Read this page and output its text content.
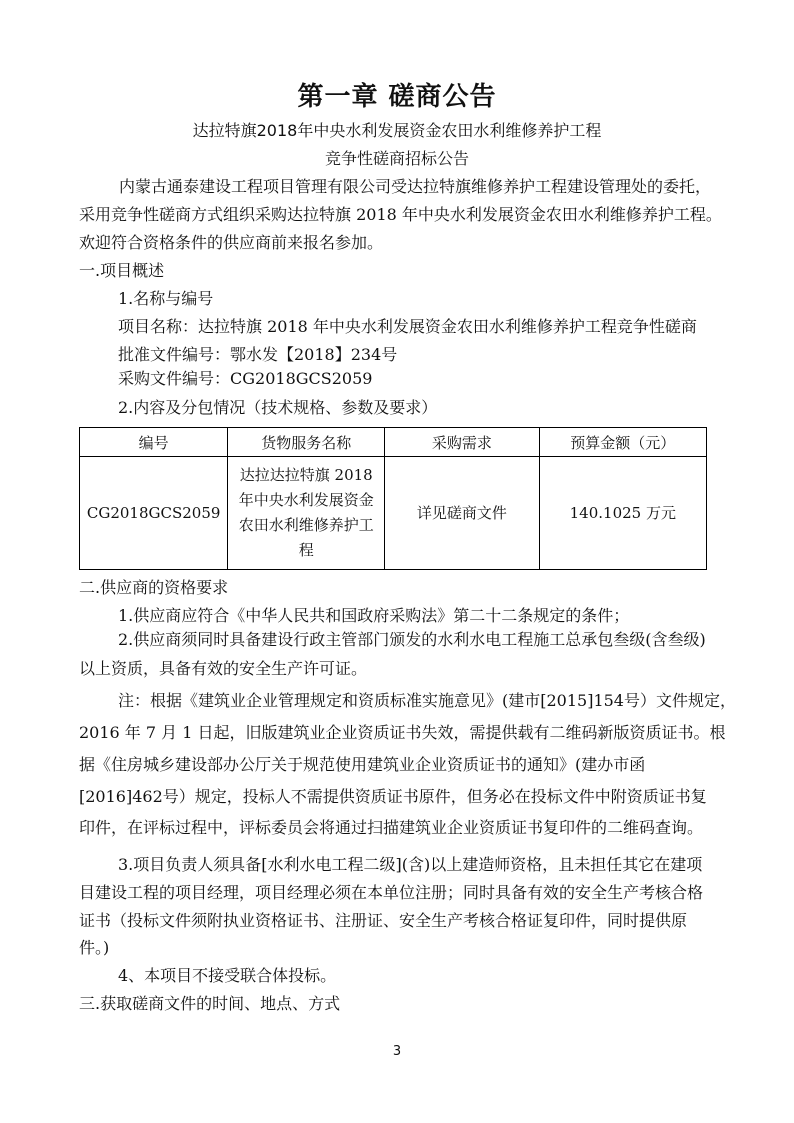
第一章 磋商公告
达拉特旗2018年中央水利发展资金农田水利维修养护工程
竞争性磋商招标公告
内蒙古通泰建设工程项目管理有限公司受达拉特旗维修养护工程建设管理处的委托，
采用竞争性磋商方式组织采购达拉特旗 2018 年中央水利发展资金农田水利维修养护工程。
欢迎符合资格条件的供应商前来报名参加。
一.项目概述
1.名称与编号
项目名称：达拉特旗 2018 年中央水利发展资金农田水利维修养护工程竞争性磋商
批准文件编号：鄂水发【2018】234号
采购文件编号：CG2018GCS2059
2.内容及分包情况（技术规格、参数及要求）
编号	货物服务名称	采购需求	预算金额（元）
CG2018GCS2059	达拉达拉特旗 2018
年中央水利发展资金
农田水利维修养护工
程	详见磋商文件	140.1025 万元
二.供应商的资格要求
1.供应商应符合《中华人民共和国政府采购法》第二十二条规定的条件；
2.供应商须同时具备建设行政主管部门颁发的水利水电工程施工总承包叁级(含叁级)
以上资质，具备有效的安全生产许可证。
注：根据《建筑业企业管理规定和资质标准实施意见》(建市[2015]154号）文件规定，
2016 年 7 月 1 日起，旧版建筑业企业资质证书失效，需提供载有二维码新版资质证书。根
据《住房城乡建设部办公厅关于规范使用建筑业企业资质证书的通知》(建办市函
[2016]462号）规定，投标人不需提供资质证书原件，但务必在投标文件中附资质证书复
印件，在评标过程中，评标委员会将通过扫描建筑业企业资质证书复印件的二维码查询。
3.项目负责人须具备[水利水电工程二级](含)以上建造师资格，且未担任其它在建项
目建设工程的项目经理，项目经理必须在本单位注册；同时具备有效的安全生产考核合格
证书（投标文件须附执业资格证书、注册证、安全生产考核合格证复印件，同时提供原
件。)
4、本项目不接受联合体投标。
三.获取磋商文件的时间、地点、方式
3
